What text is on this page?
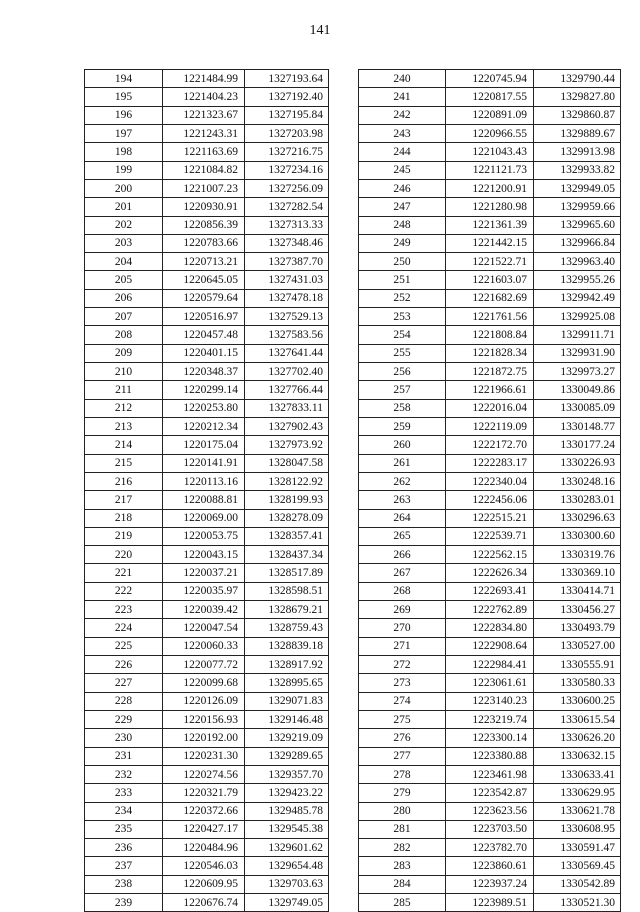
141
194	1221484.99	1327193.64
195	1221404.23	1327192.40
196	1221323.67	1327195.84
197	1221243.31	1327203.98
198	1221163.69	1327216.75
199	1221084.82	1327234.16
200	1221007.23	1327256.09
201	1220930.91	1327282.54
202	1220856.39	1327313.33
203	1220783.66	1327348.46
204	1220713.21	1327387.70
205	1220645.05	1327431.03
206	1220579.64	1327478.18
207	1220516.97	1327529.13
208	1220457.48	1327583.56
209	1220401.15	1327641.44
210	1220348.37	1327702.40
211	1220299.14	1327766.44
212	1220253.80	1327833.11
213	1220212.34	1327902.43
214	1220175.04	1327973.92
215	1220141.91	1328047.58
216	1220113.16	1328122.92
217	1220088.81	1328199.93
218	1220069.00	1328278.09
219	1220053.75	1328357.41
220	1220043.15	1328437.34
221	1220037.21	1328517.89
222	1220035.97	1328598.51
223	1220039.42	1328679.21
224	1220047.54	1328759.43
225	1220060.33	1328839.18
226	1220077.72	1328917.92
227	1220099.68	1328995.65
228	1220126.09	1329071.83
229	1220156.93	1329146.48
230	1220192.00	1329219.09
231	1220231.30	1329289.65
232	1220274.56	1329357.70
233	1220321.79	1329423.22
234	1220372.66	1329485.78
235	1220427.17	1329545.38
236	1220484.96	1329601.62
237	1220546.03	1329654.48
238	1220609.95	1329703.63
239	1220676.74	1329749.05
240	1220745.94	1329790.44
241	1220817.55	1329827.80
242	1220891.09	1329860.87
243	1220966.55	1329889.67
244	1221043.43	1329913.98
245	1221121.73	1329933.82
246	1221200.91	1329949.05
247	1221280.98	1329959.66
248	1221361.39	1329965.60
249	1221442.15	1329966.84
250	1221522.71	1329963.40
251	1221603.07	1329955.26
252	1221682.69	1329942.49
253	1221761.56	1329925.08
254	1221808.84	1329911.71
255	1221828.34	1329931.90
256	1221872.75	1329973.27
257	1221966.61	1330049.86
258	1222016.04	1330085.09
259	1222119.09	1330148.77
260	1222172.70	1330177.24
261	1222283.17	1330226.93
262	1222340.04	1330248.16
263	1222456.06	1330283.01
264	1222515.21	1330296.63
265	1222539.71	1330300.60
266	1222562.15	1330319.76
267	1222626.34	1330369.10
268	1222693.41	1330414.71
269	1222762.89	1330456.27
270	1222834.80	1330493.79
271	1222908.64	1330527.00
272	1222984.41	1330555.91
273	1223061.61	1330580.33
274	1223140.23	1330600.25
275	1223219.74	1330615.54
276	1223300.14	1330626.20
277	1223380.88	1330632.15
278	1223461.98	1330633.41
279	1223542.87	1330629.95
280	1223623.56	1330621.78
281	1223703.50	1330608.95
282	1223782.70	1330591.47
283	1223860.61	1330569.45
284	1223937.24	1330542.89
285	1223989.51	1330521.30
